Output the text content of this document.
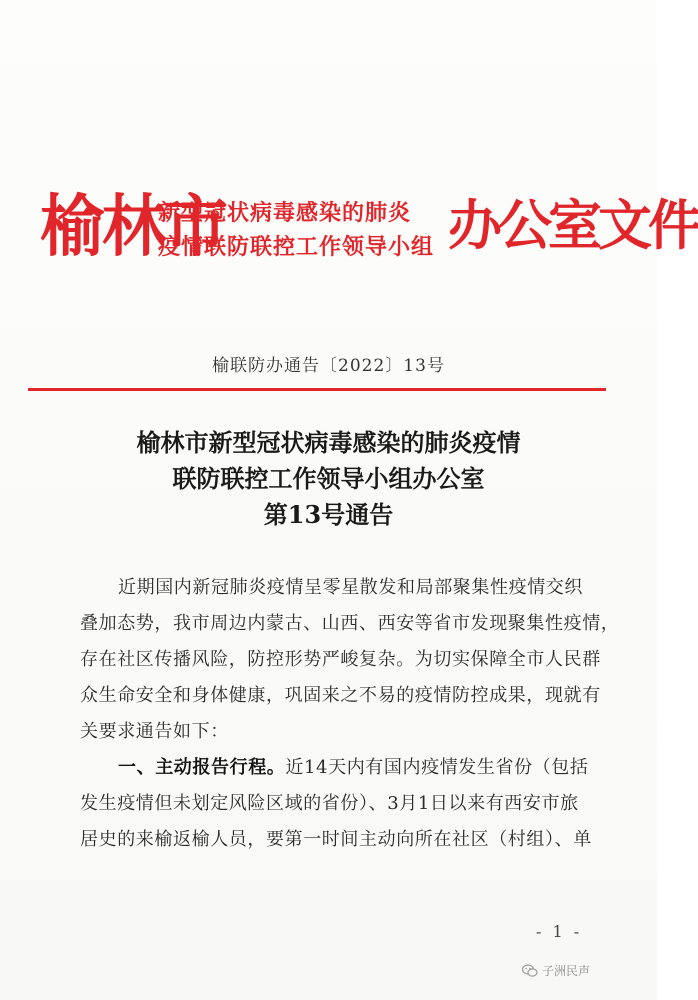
榆林市
新型冠状病毒感染的肺炎
疫情联防联控工作领导小组 办公室文件
榆联防办通告〔2022〕13号
榆林市新型冠状病毒感染的肺炎疫情
联防联控工作领导小组办公室
第13号通告
近期国内新冠肺炎疫情呈零星散发和局部聚集性疫情交织
叠加态势，我市周边内蒙古、山西、西安等省市发现聚集性疫情，
存在社区传播风险，防控形势严峻复杂。为切实保障全市人民群
众生命安全和身体健康，巩固来之不易的疫情防控成果，现就有
关要求通告如下：
一、主动报告行程。近14天内有国内疫情发生省份（包括
发生疫情但未划定风险区域的省份）、3月1日以来有西安市旅
居史的来榆返榆人员，要第一时间主动向所在社区（村组）、单
- 1 -
子洲民声
